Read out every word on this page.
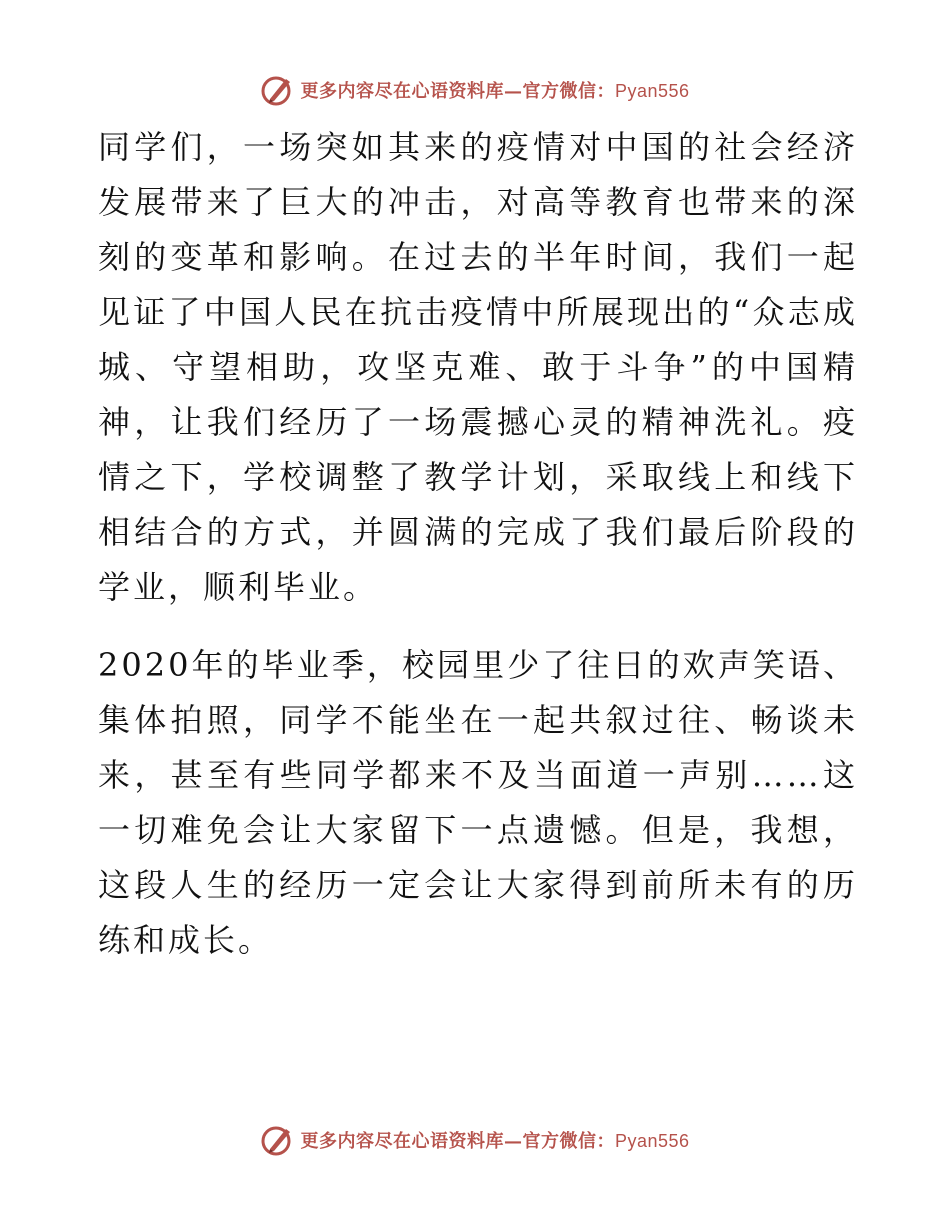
更多内容尽在心语资料库—官方微信：Pyan556

同学们，一场突如其来的疫情对中国的社会经济发展带来了巨大的冲击，对高等教育也带来的深刻的变革和影响。在过去的半年时间，我们一起见证了中国人民在抗击疫情中所展现出的“众志成城、守望相助，攻坚克难、敢于斗争”的中国精神，让我们经历了一场震撼心灵的精神洗礼。疫情之下，学校调整了教学计划，采取线上和线下相结合的方式，并圆满的完成了我们最后阶段的学业，顺利毕业。

2020年的毕业季，校园里少了往日的欢声笑语、集体拍照，同学不能坐在一起共叙过往、畅谈未来，甚至有些同学都来不及当面道一声别……这一切难免会让大家留下一点遗憾。但是，我想，这段人生的经历一定会让大家得到前所未有的历练和成长。

更多内容尽在心语资料库—官方微信：Pyan556
